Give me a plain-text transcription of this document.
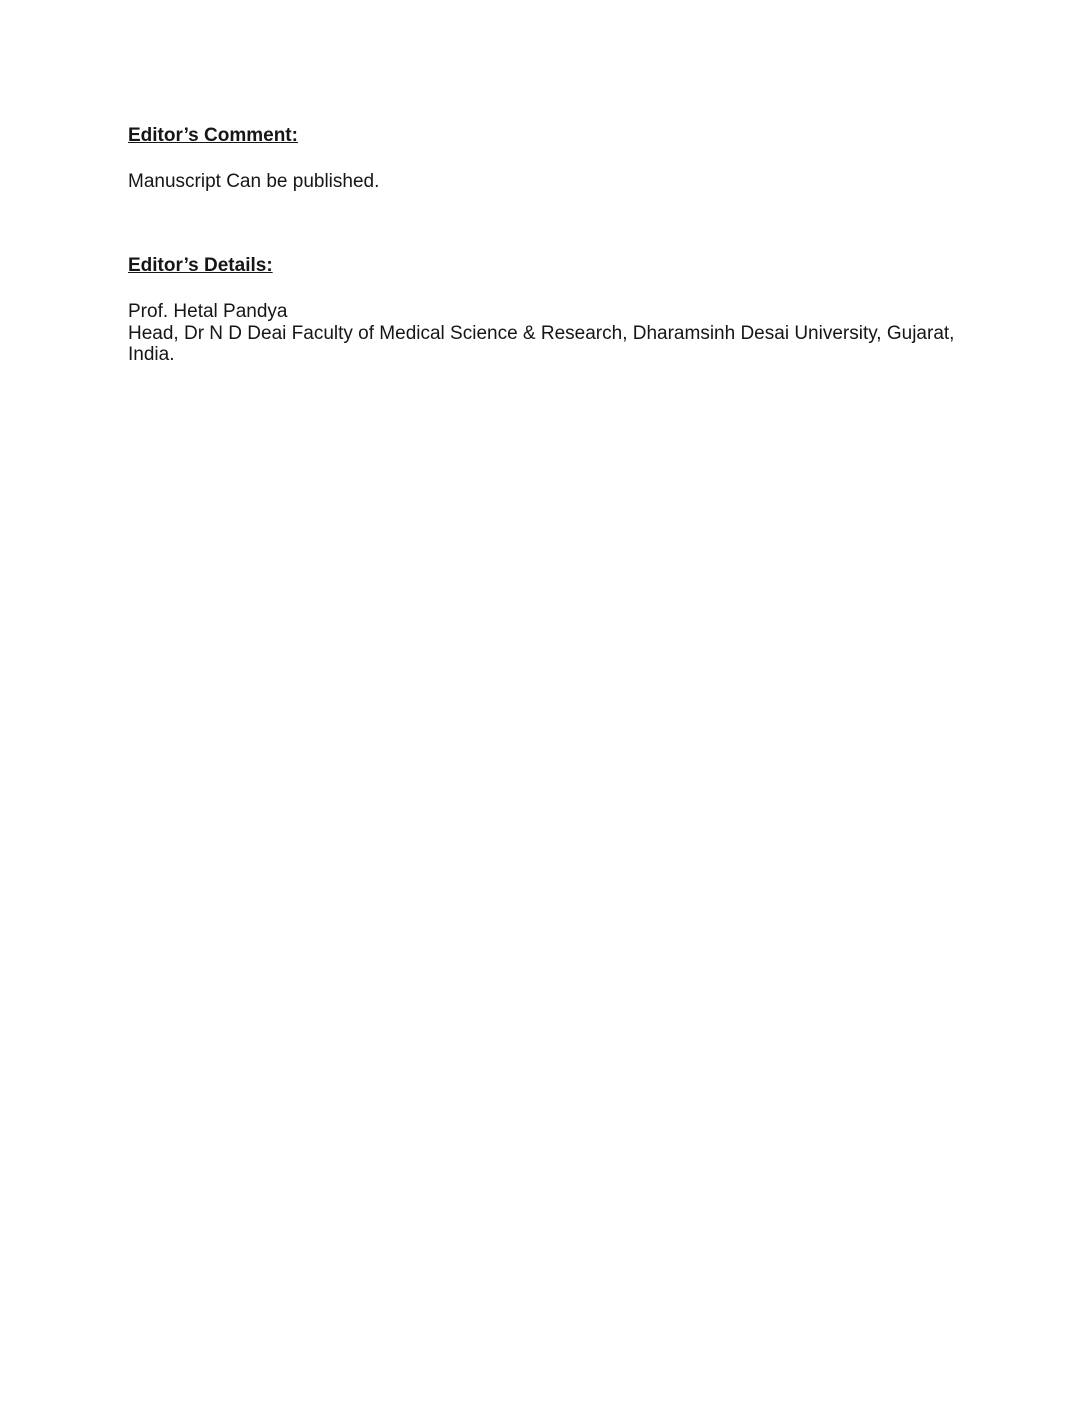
Editor’s Comment:

Manuscript Can be published.

Editor’s Details:

Prof. Hetal Pandya

Head, Dr N D Deai Faculty of Medical Science & Research, Dharamsinh Desai University, Gujarat, India.
